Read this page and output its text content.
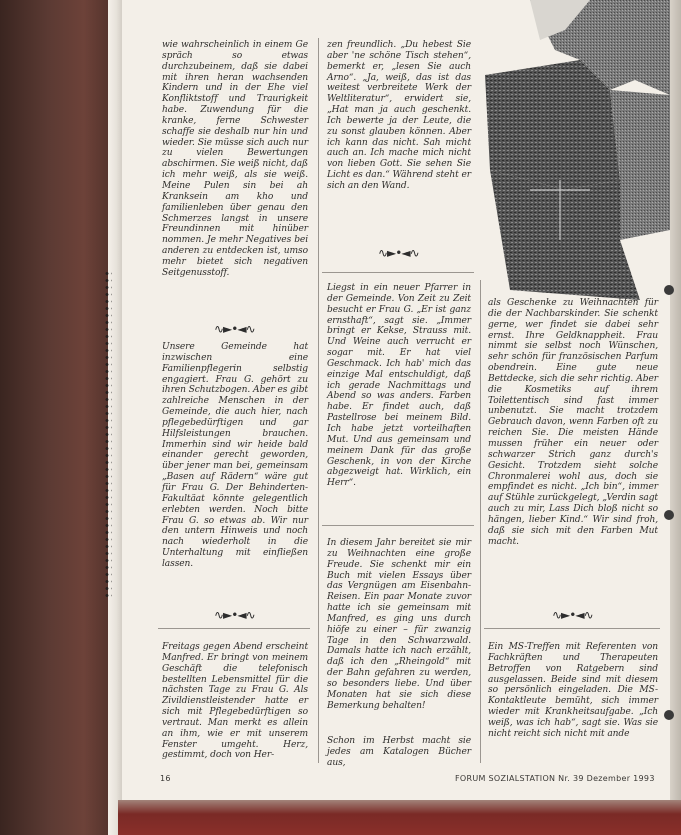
wie wahrscheinlich in einem Ge spräch so etwas durchzubeinem, daß sie dabei mit ihren heran wachsenden Kindern und in der Ehe viel Konfliktstoff und Traurigkeit habe. Zuwendung für die kranke, ferne Schwester schaffe sie deshalb nur hin und wieder. Sie müsse sich auch nur zu vielen Bewertungen abschirmen. Sie weiß nicht, daß ich mehr weiß, als sie weiß. Meine Pulen sin bei ah Kranksein am kho und familienleben über genau den Schmerzes langst in unsere Freundinnen mit hinüber nommen. Je mehr Negatives bei anderen zu entdecken ist, umso mehr bietet sich negativen Seitgenusstoff.

∿►•◄∿

Unsere Gemeinde hat inzwischen eine Familienpflegerin selbstig engagiert. Frau G. gehört zu ihren Schutzbogen. Aber es gibt zahlreiche Menschen in der Gemeinde, die auch hier, nach pflegebedürftigen und gar Hilfsleistungen brauchen. Immerhin sind wir heide bald einander gerecht geworden, über jener man bei, gemeinsam „Basen auf Rädern“ wäre gut für Frau G. Der Behinderten-Fakultäat könnte gelegentlich erlebten werden. Noch bitte Frau G. so etwas ab. Wir nur den untern Hinweis und noch nach wiederholt in die Unterhaltung mit einfließen lassen.

∿►•◄∿

Freitags gegen Abend erscheint Manfred. Er bringt von meinem Geschäft die telefonisch bestellten Lebensmittel für die nächsten Tage zu Frau G. Als Zivildienstleistender hatte er sich mit Pflegebedürftigen so vertraut. Man merkt es allein an ihm, wie er mit unserem Fenster umgeht. Herz, gestimmt, doch von Her-

zen freundlich. „Du hebest Sie aber 'ne schöne Tisch stehen“, bemerkt er, „lesen Sie auch Arno“. „Ja, weiß, das ist das weitest verbreitete Werk der Weltliteratur“, erwidert sie, „Hat man ja auch geschenkt. Ich bewerte ja der Leute, die zu sonst glauben können. Aber ich kann das nicht. Sah micht auch an. Ich mache mich nicht von lieben Gott. Sie sehen Sie Licht es dan.“ Während steht er sich an den Wand.

∿►•◄∿

Liegst in ein neuer Pfarrer in der Gemeinde. Von Zeit zu Zeit besucht er Frau G. „Er ist ganz ernsthaft“, sagt sie. „Immer bringt er Kekse, Strauss mit. Und Weine auch verrucht er sogar mit. Er hat viel Geschmack. Ich hab' mich das einzige Mal entschuldigt, daß ich gerade Nachmittags und Abend so was anders. Farben habe. Er findet auch, daß Pastellrose bei meinem Bild. Ich habe jetzt vorteilhaften Mut. Und aus gemeinsam und meinem Dank für das große Geschenk, in von der Kirche abgezweigt hat. Wirklich, ein Herr“.

In diesem Jahr bereitet sie mir zu Weihnachten eine große Freude. Sie schenkt mir ein Buch mit vielen Essays über das Vergnügen am Eisenbahn-Reisen. Ein paar Monate zuvor hatte ich sie gemeinsam mit Manfred, es ging uns durch hiöfe zu einer – für zwanzig Tage in den Schwarzwald. Damals hatte ich nach erzählt, daß ich den „Rheingold“ mit der Bahn gefahren zu werden, so besonders liebe. Und über Monaten hat sie sich diese Bemerkung behalten!

Schon im Herbst macht sie jedes am Katalogen Bücher aus,

als Geschenke zu Weihnachten für die der Nachbarskinder. Sie schenkt gerne, wer findet sie dabei sehr ernst. Ihre Geldknappheit. Frau nimmt sie selbst noch Wünschen, sehr schön für französischen Parfum obendrein. Eine gute neue Bettdecke, sich die sehr richtig. Aber die Kosmetiks auf ihrem Toilettentisch sind fast immer unbenutzt. Sie macht trotzdem Gebrauch davon, wenn Farben oft zu reichen Sie. Die meisten Hände mussen früher ein neuer oder schwarzer Strich ganz durch's Gesicht. Trotzdem sieht solche Chronmalerei wohl aus, doch sie empfindet es nicht. „Ich bin“, immer auf Stühle zurückgelegt, „Verdin sagt auch zu mir, Lass Dich bloß nicht so hängen, lieber Kind.“ Wir sind froh, daß sie sich mit den Farben Mut macht.

∿►•◄∿

Ein MS-Treffen mit Referenten von Fachkräften und Therapeuten Betroffen von Ratgebern sind ausgelassen. Beide sind mit diesem so persönlich eingeladen. Die MS-Kontaktleute bemüht, sich immer wieder mit Krankheitsaufgabe. „Ich weiß, was ich hab“, sagt sie. Was sie nicht reicht sich nicht mit ande

16	FORUM SOZIALSTATION Nr. 39 Dezember 1993
